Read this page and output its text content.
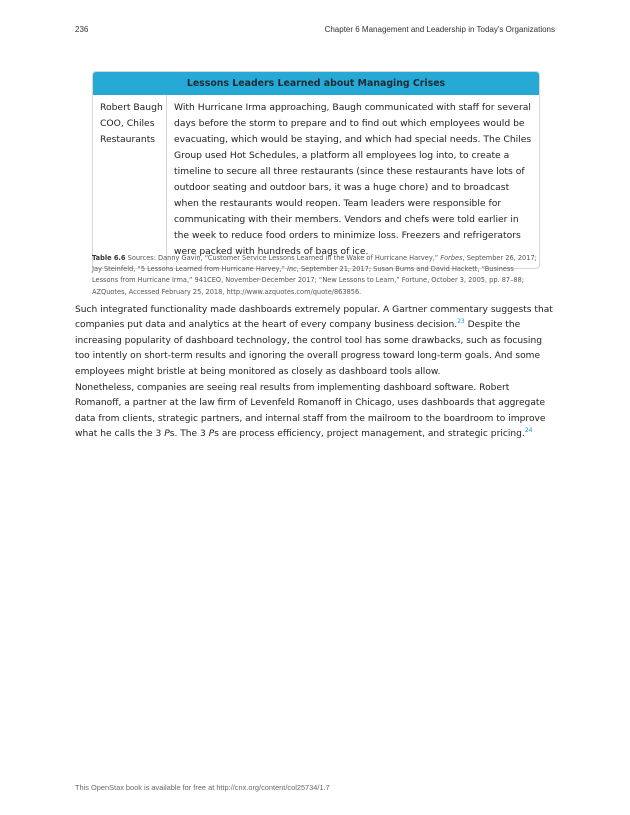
236	Chapter 6 Management and Leadership in Today's Organizations
Lessons Leaders Learned about Managing Crises
Robert Baugh COO, Chiles Restaurants
With Hurricane Irma approaching, Baugh communicated with staff for several days before the storm to prepare and to find out which employees would be evacuating, which would be staying, and which had special needs. The Chiles Group used Hot Schedules, a platform all employees log into, to create a timeline to secure all three restaurants (since these restaurants have lots of outdoor seating and outdoor bars, it was a huge chore) and to broadcast when the restaurants would reopen. Team leaders were responsible for communicating with their members. Vendors and chefs were told earlier in the week to reduce food orders to minimize loss. Freezers and refrigerators were packed with hundreds of bags of ice.
Table 6.6 Sources: Danny Gavin, “Customer Service Lessons Learned in the Wake of Hurricane Harvey,” Forbes, September 26, 2017; Jay Steinfeld, “5 Lessons Learned from Hurricane Harvey,” Inc, September 21, 2017; Susan Burns and David Hackett, “Business Lessons from Hurricane Irma,” 941CEO, November-December 2017; “New Lessons to Learn,” Fortune, October 3, 2005, pp. 87–88; AZQuotes, Accessed February 25, 2018, http://www.azquotes.com/quote/863856.

Such integrated functionality made dashboards extremely popular. A Gartner commentary suggests that companies put data and analytics at the heart of every company business decision.$^{23}$ Despite the increasing popularity of dashboard technology, the control tool has some drawbacks, such as focusing too intently on short-term results and ignoring the overall progress toward long-term goals. And some employees might bristle at being monitored as closely as dashboard tools allow.

Nonetheless, companies are seeing real results from implementing dashboard software. Robert Romanoff, a partner at the law firm of Levenfeld Romanoff in Chicago, uses dashboards that aggregate data from clients, strategic partners, and internal staff from the mailroom to the boardroom to improve what he calls the 3 Ps. The 3 Ps are process efficiency, project management, and strategic pricing.$^{24}$

This OpenStax book is available for free at http://cnx.org/content/col25734/1.7
